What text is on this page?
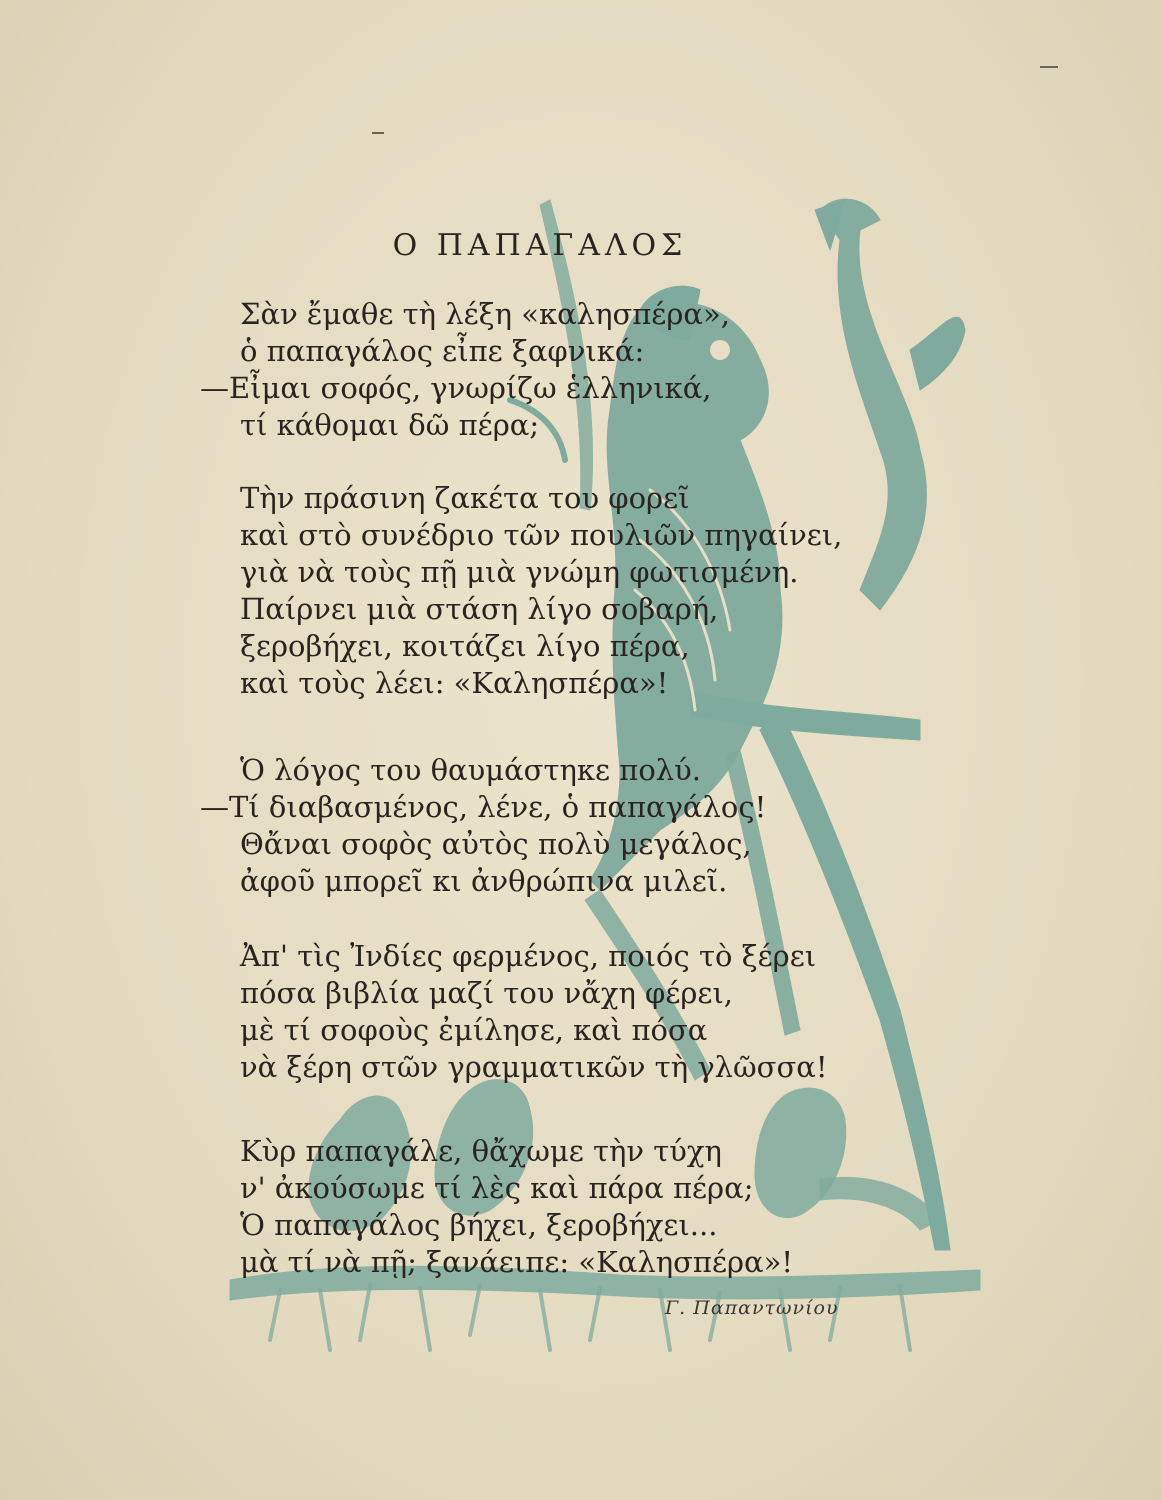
Ο ΠΑΠΑΓΑΛΟΣ
Σὰν ἔμαθε τὴ λέξη «καλησπέρα»,
ὁ παπαγάλος εἶπε ξαφνικά:
—Εἶμαι σοφός, γνωρίζω ἑλληνικά,
τί κάθομαι δῶ πέρα;
Τὴν πράσινη ζακέτα του φορεῖ
καὶ στὸ συνέδριο τῶν πουλιῶν πηγαίνει,
γιὰ νὰ τοὺς πῇ μιὰ γνώμη φωτισμένη.
Παίρνει μιὰ στάση λίγο σοβαρή,
ξεροβήχει, κοιτάζει λίγο πέρα,
καὶ τοὺς λέει: «Καλησπέρα»!
Ὁ λόγος του θαυμάστηκε πολύ.
—Τί διαβασμένος, λένε, ὁ παπαγάλος!
Θἄναι σοφὸς αὐτὸς πολὺ μεγάλος,
ἀφοῦ μπορεῖ κι ἀνθρώπινα μιλεῖ.
Ἀπ' τὶς Ἰνδίες φερμένος, ποιός τὸ ξέρει
πόσα βιβλία μαζί του νἄχη φέρει,
μὲ τί σοφοὺς ἐμίλησε, καὶ πόσα
νὰ ξέρη στῶν γραμματικῶν τὴ γλῶσσα!
Κὺρ παπαγάλε, θἄχωμε τὴν τύχη
ν' ἀκούσωμε τί λὲς καὶ πάρα πέρα;
Ὁ παπαγάλος βήχει, ξεροβήχει...
μὰ τί νὰ πῇ; ξανάειπε: «Καλησπέρα»!
Γ. Παπαντωνίου
